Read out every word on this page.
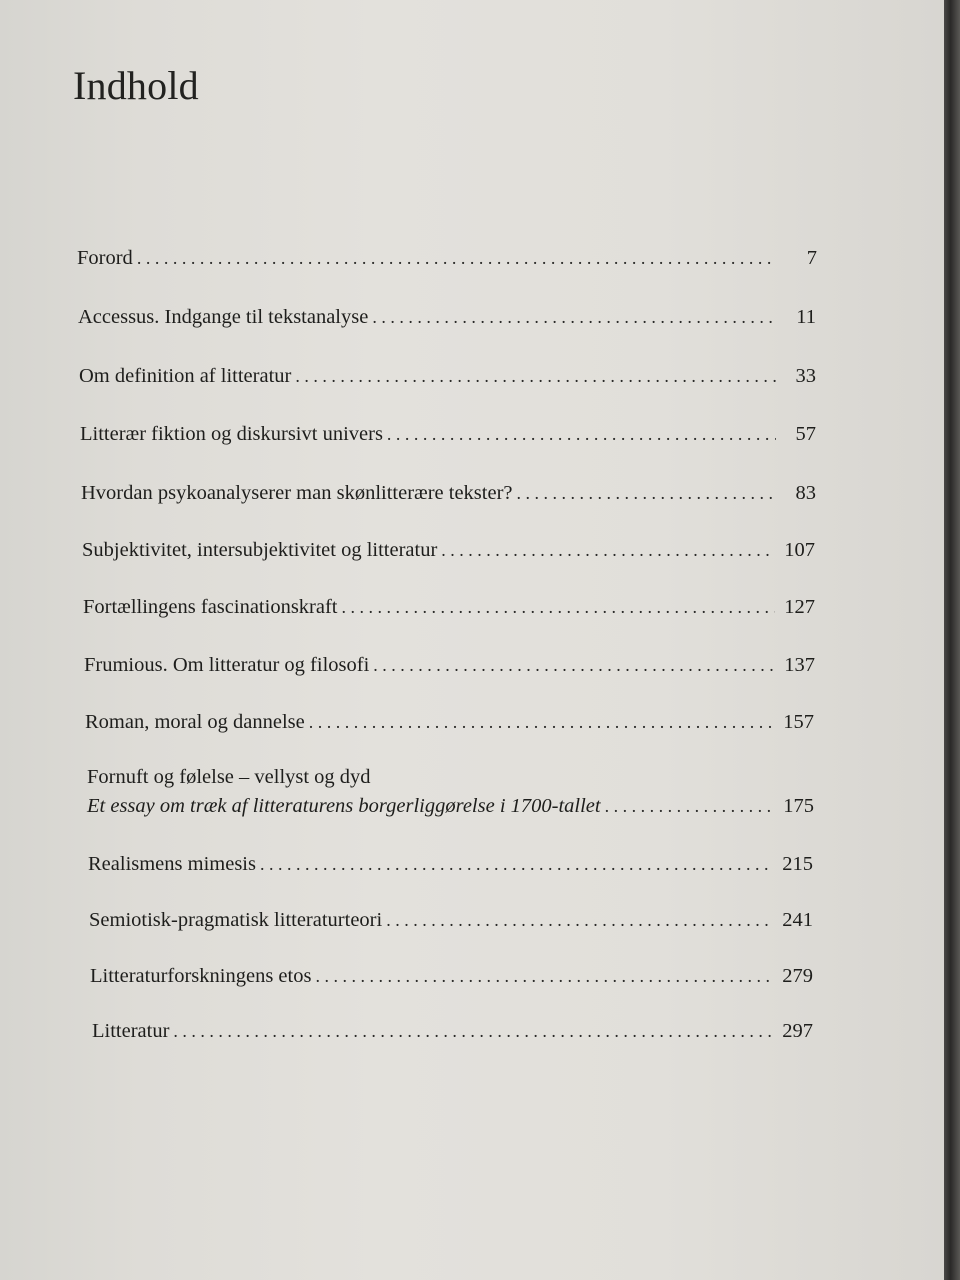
Indhold
Forord . . .	7
Accessus. Indgange til tekstanalyse . . .	11
Om definition af litteratur . . .	33
Litterær fiktion og diskursivt univers . . .	57
Hvordan psykoanalyserer man skønlitterære tekster? . . .	83
Subjektivitet, intersubjektivitet og litteratur . . .	107
Fortællingens fascinationskraft . . .	127
Frumious. Om litteratur og filosofi . . .	137
Roman, moral og dannelse . . .	157
Fornuft og følelse – vellyst og dyd
Et essay om træk af litteraturens borgerliggørelse i 1700-tallet . . .	175
Realismens mimesis . . .	215
Semiotisk-pragmatisk litteraturteori . . .	241
Litteraturforskningens etos . . .	279
Litteratur . . .	297
